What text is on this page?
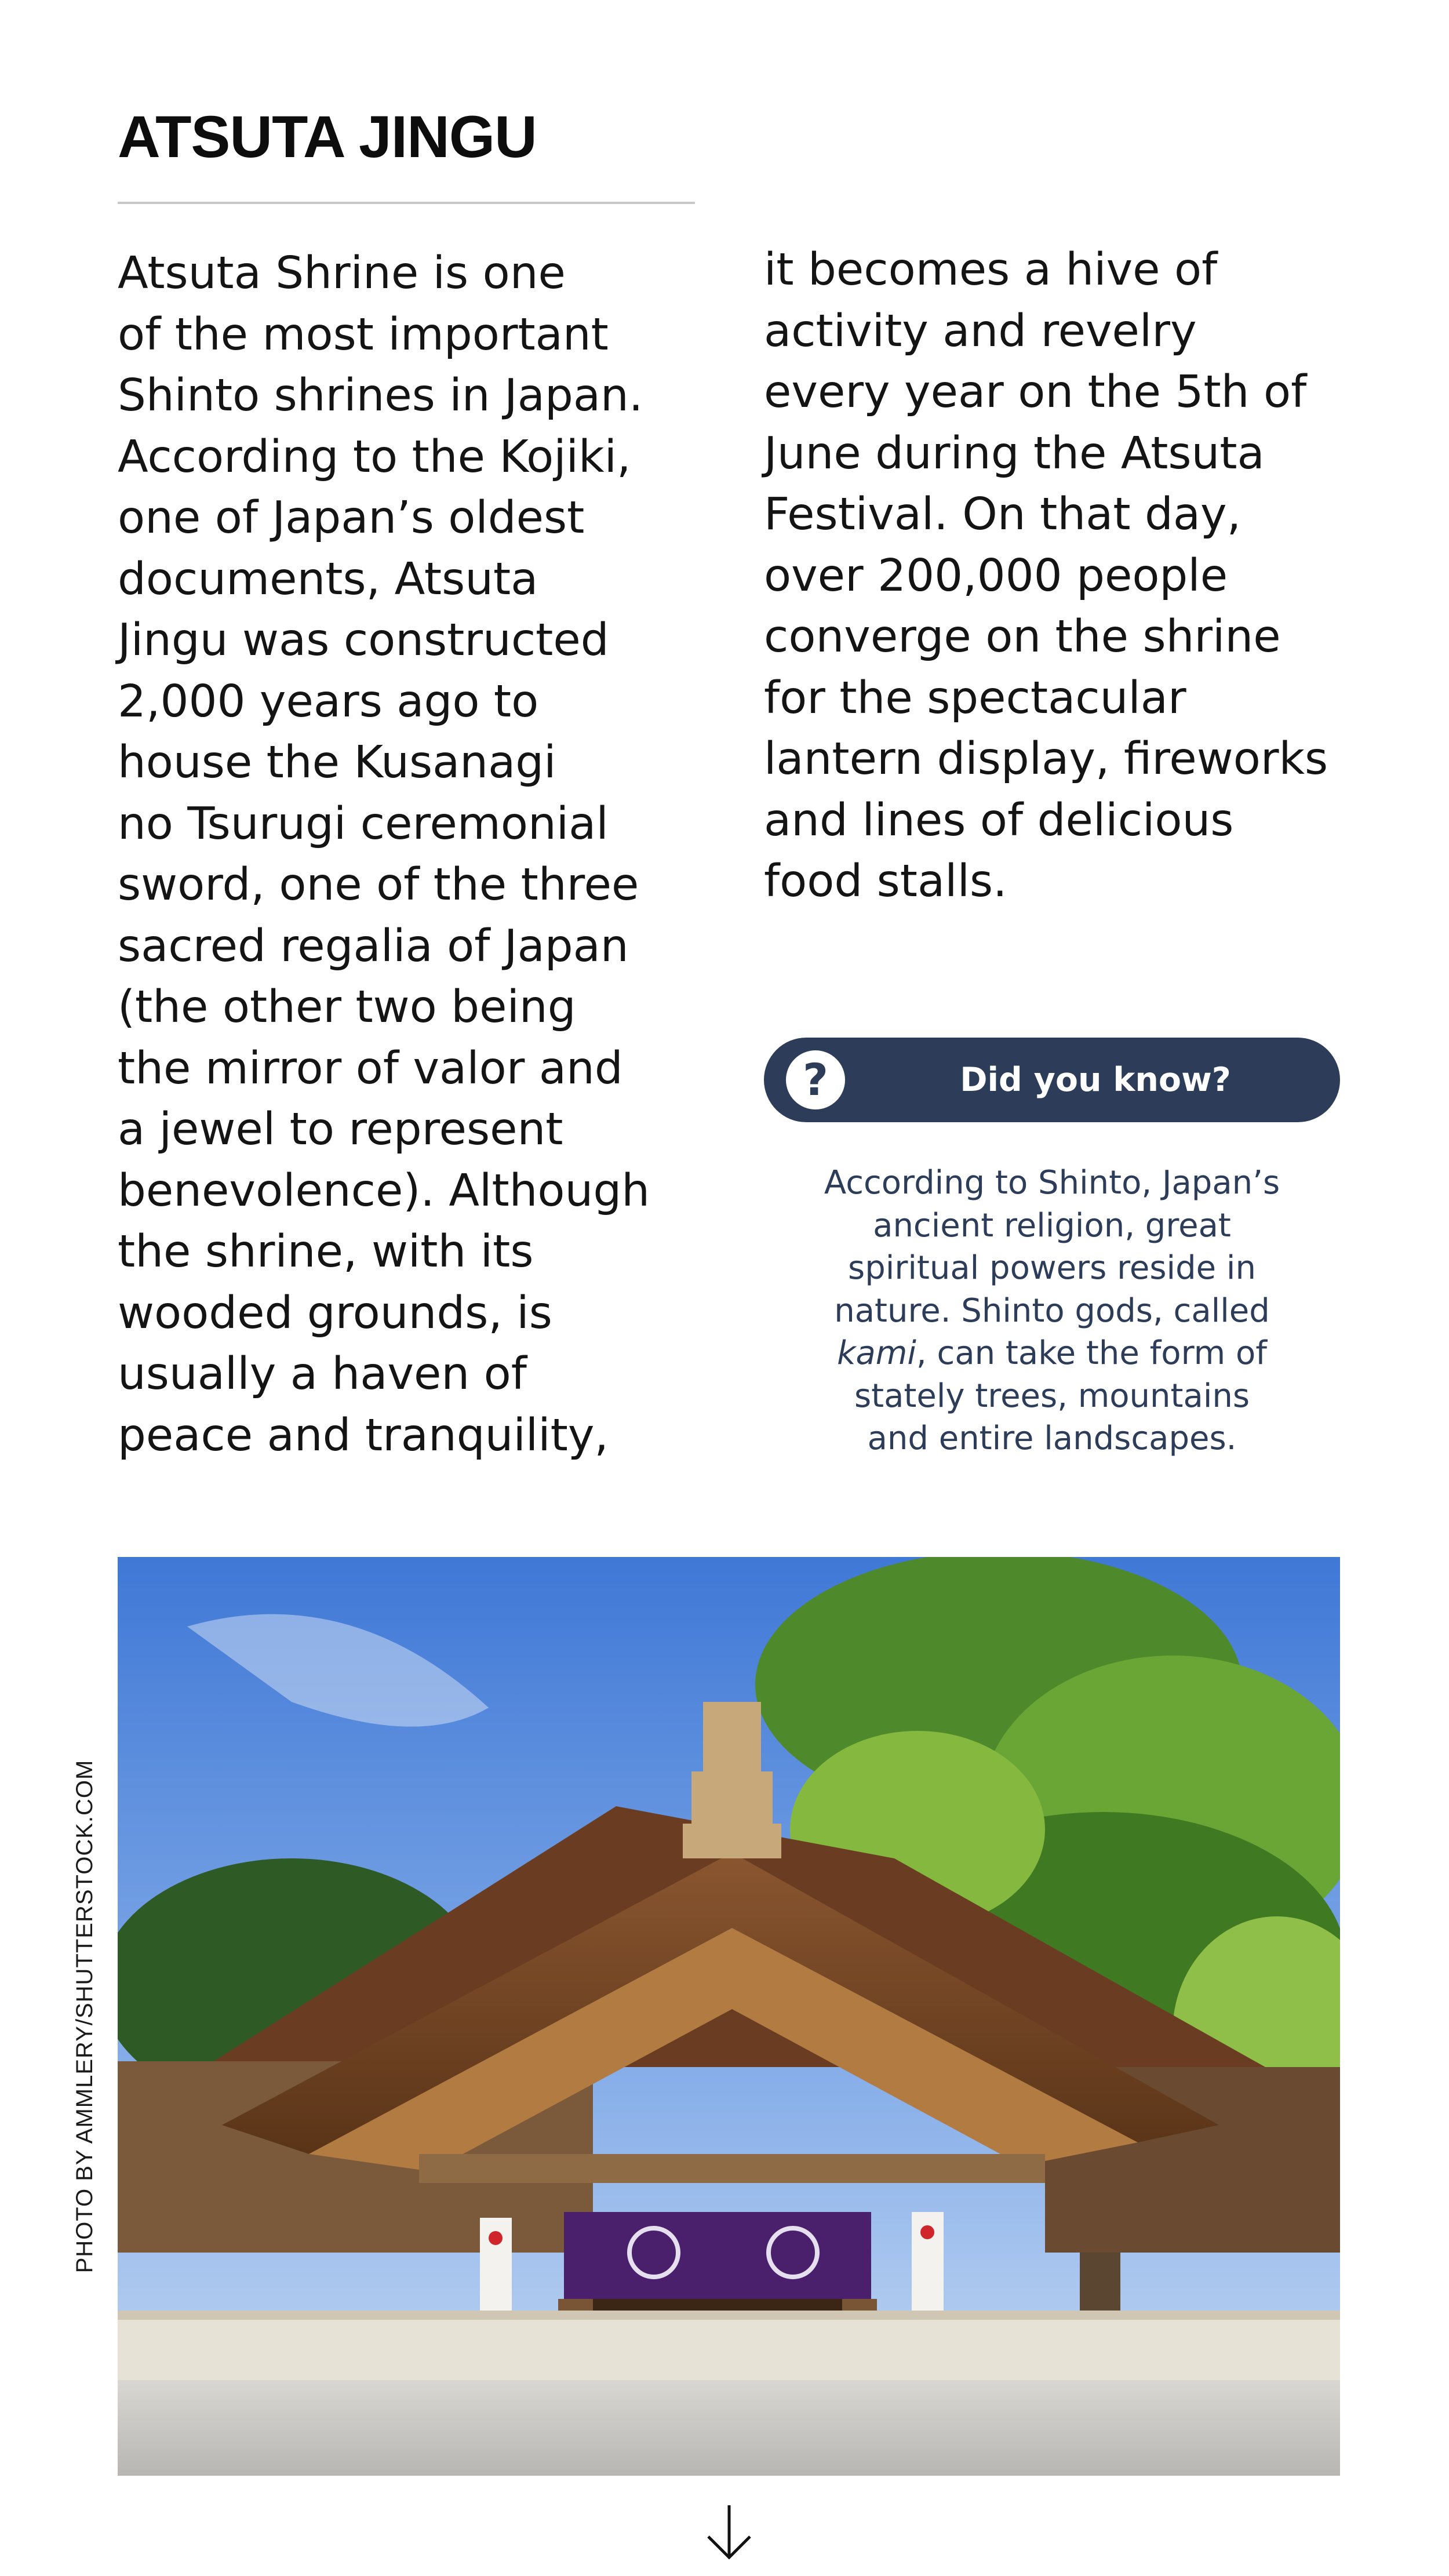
ATSUTA JINGU

Atsuta Shrine is one
of the most important
Shinto shrines in Japan.
According to the Kojiki,
one of Japan’s oldest
documents, Atsuta
Jingu was constructed
2,000 years ago to
house the Kusanagi
no Tsurugi ceremonial
sword, one of the three
sacred regalia of Japan
(the other two being
the mirror of valor and
a jewel to represent
benevolence). Although
the shrine, with its
wooded grounds, is
usually a haven of
peace and tranquility,

it becomes a hive of
activity and revelry
every year on the 5th of
June during the Atsuta
Festival. On that day,
over 200,000 people
converge on the shrine
for the spectacular
lantern display, fireworks
and lines of delicious
food stalls.

?	Did you know?

According to Shinto, Japan’s
ancient religion, great
spiritual powers reside in
nature. Shinto gods, called
kami, can take the form of
stately trees, mountains
and entire landscapes.

PHOTO BY AMMLERY/SHUTTERSTOCK.COM
